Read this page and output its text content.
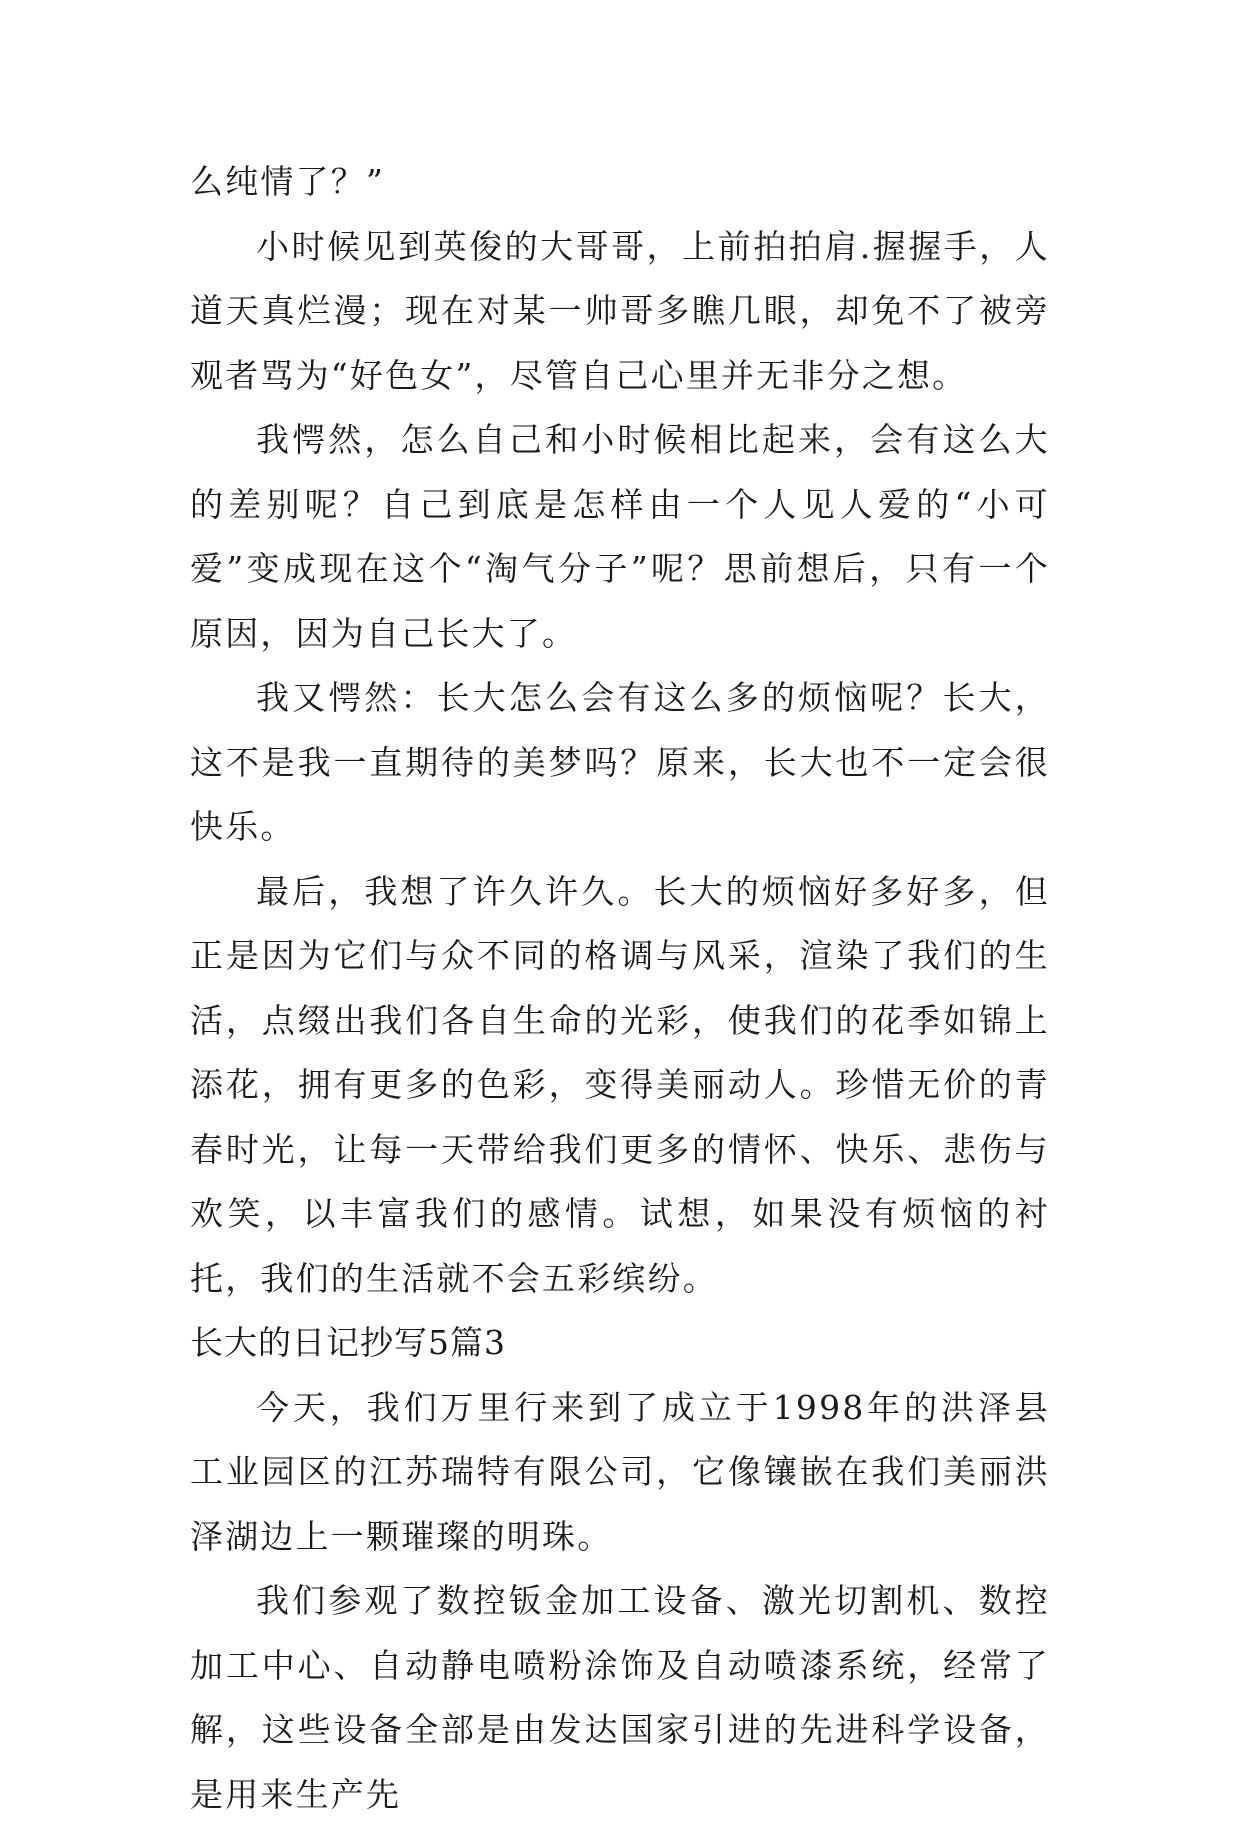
么纯情了？”

小时候见到英俊的大哥哥，上前拍拍肩.握握手，人道天真烂漫；现在对某一帅哥多瞧几眼，却免不了被旁观者骂为“好色女”，尽管自己心里并无非分之想。

我愕然，怎么自己和小时候相比起来，会有这么大的差别呢？自己到底是怎样由一个人见人爱的“小可爱”变成现在这个“淘气分子”呢？思前想后，只有一个原因，因为自己长大了。

我又愕然：长大怎么会有这么多的烦恼呢？长大，这不是我一直期待的美梦吗？原来，长大也不一定会很快乐。

最后，我想了许久许久。长大的烦恼好多好多，但正是因为它们与众不同的格调与风采，渲染了我们的生活，点缀出我们各自生命的光彩，使我们的花季如锦上添花，拥有更多的色彩，变得美丽动人。珍惜无价的青春时光，让每一天带给我们更多的情怀、快乐、悲伤与欢笑，以丰富我们的感情。试想，如果没有烦恼的衬托，我们的生活就不会五彩缤纷。

长大的日记抄写5篇3

今天，我们万里行来到了成立于1998年的洪泽县工业园区的江苏瑞特有限公司，它像镶嵌在我们美丽洪泽湖边上一颗璀璨的明珠。

我们参观了数控钣金加工设备、激光切割机、数控加工中心、自动静电喷粉涂饰及自动喷漆系统，经常了解，这些设备全部是由发达国家引进的先进科学设备，是用来生产先
